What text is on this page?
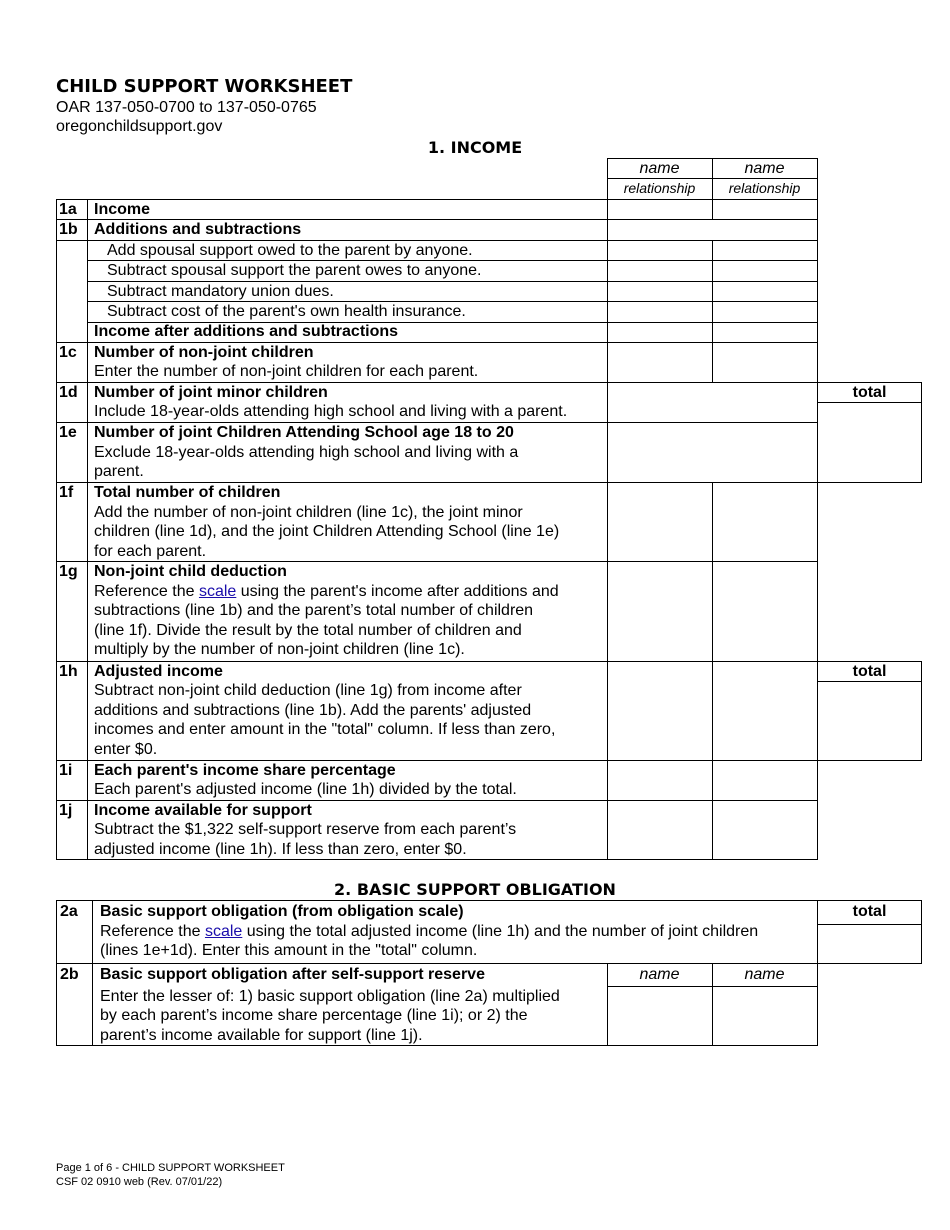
CHILD SUPPORT WORKSHEET
OAR 137-050-0700 to 137-050-0765
oregonchildsupport.gov
1. INCOME
name	name
relationship	relationship
1a Income
1b Additions and subtractions
Add spousal support owed to the parent by anyone.
Subtract spousal support the parent owes to anyone.
Subtract mandatory union dues.
Subtract cost of the parent's own health insurance.
Income after additions and subtractions
1c Number of non-joint children
Enter the number of non-joint children for each parent.
1d Number of joint minor children
Include 18-year-olds attending high school and living with a parent.
total
1e Number of joint Children Attending School age 18 to 20
Exclude 18-year-olds attending high school and living with a
parent.
1f Total number of children
Add the number of non-joint children (line 1c), the joint minor
children (line 1d), and the joint Children Attending School (line 1e)
for each parent.
1g Non-joint child deduction
Reference the scale using the parent's income after additions and
subtractions (line 1b) and the parent’s total number of children
(line 1f). Divide the result by the total number of children and
multiply by the number of non-joint children (line 1c).
1h Adjusted income
Subtract non-joint child deduction (line 1g) from income after
additions and subtractions (line 1b). Add the parents' adjusted
incomes and enter amount in the "total" column. If less than zero,
enter $0.
total
1i Each parent's income share percentage
Each parent's adjusted income (line 1h) divided by the total.
1j Income available for support
Subtract the $1,322 self-support reserve from each parent’s
adjusted income (line 1h). If less than zero, enter $0.
2. BASIC SUPPORT OBLIGATION
2a Basic support obligation (from obligation scale)
Reference the scale using the total adjusted income (line 1h) and the number of joint children
(lines 1e+1d). Enter this amount in the "total" column.
total
2b Basic support obligation after self-support reserve	name	name
Enter the lesser of: 1) basic support obligation (line 2a) multiplied
by each parent’s income share percentage (line 1i); or 2) the
parent’s income available for support (line 1j).
Page 1 of 6 - CHILD SUPPORT WORKSHEET
CSF 02 0910 web (Rev. 07/01/22)
